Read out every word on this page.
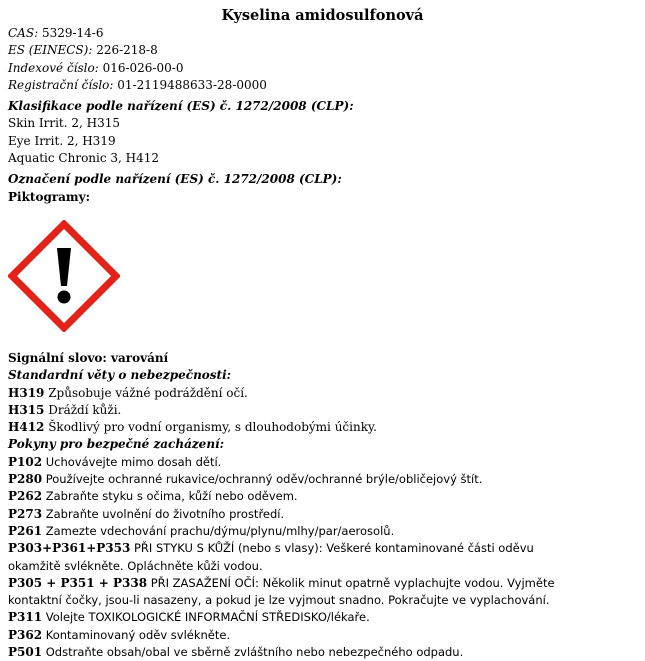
Kyselina amidosulfonová
CAS: 5329-14-6
ES (EINECS): 226-218-8
Indexové číslo: 016-026-00-0
Registrační číslo: 01-2119488633-28-0000
Klasifikace podle nařízení (ES) č. 1272/2008 (CLP):
Skin Irrit. 2, H315
Eye Irrit. 2, H319
Aquatic Chronic 3, H412
Označení podle nařízení (ES) č. 1272/2008 (CLP):
Piktogramy:
Signální slovo: varování
Standardní věty o nebezpečnosti:
H319 Způsobuje vážné podráždění očí.
H315 Dráždí kůži.
H412 Škodlivý pro vodní organismy, s dlouhodobými účinky.
Pokyny pro bezpečné zacházení:
P102 Uchovávejte mimo dosah dětí.
P280 Používejte ochranné rukavice/ochranný oděv/ochranné brýle/obličejový štít.
P262 Zabraňte styku s očima, kůží nebo oděvem.
P273 Zabraňte uvolnění do životního prostředí.
P261 Zamezte vdechování prachu/dýmu/plynu/mlhy/par/aerosolů.
P303+P361+P353 PŘI STYKU S KŮŽÍ (nebo s vlasy): Veškeré kontaminované části oděvu
okamžitě svlékněte. Opláchněte kůži vodou.
P305 + P351 + P338 PŘI ZASAŽENÍ OČÍ: Několik minut opatrně vyplachujte vodou. Vyjměte
kontaktní čočky, jsou-li nasazeny, a pokud je lze vyjmout snadno. Pokračujte ve vyplachování.
P311 Volejte TOXIKOLOGICKÉ INFORMAČNÍ STŘEDISKO/lékaře.
P362 Kontaminovaný oděv svlékněte.
P501 Odstraňte obsah/obal ve sběrně zvláštního nebo nebezpečného odpadu.
